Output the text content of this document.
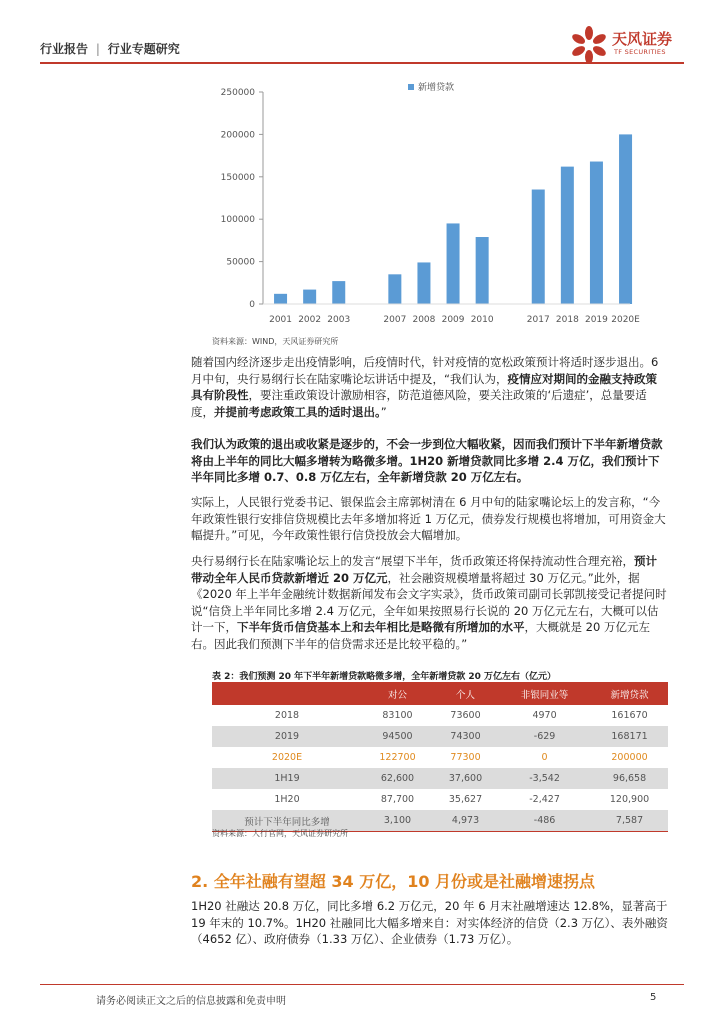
行业报告 | 行业专题研究
天风证券
TF SECURITIES
0
50000
100000
150000
200000
250000	新增贷款
2001 2002 2003	2007 2008 2009 2010	2017 2018 2019 2020E
资料来源：WIND，天风证券研究所

随着国内经济逐步走出疫情影响，后疫情时代，针对疫情的宽松政策预计将适时逐步退出。6月中旬，央行易纲行长在陆家嘴论坛讲话中提及，“我们认为，疫情应对期间的金融支持政策具有阶段性，要注重政策设计激励相容，防范道德风险，要关注政策的‘后遗症’，总量要适度，并提前考虑政策工具的适时退出。”

我们认为政策的退出或收紧是逐步的，不会一步到位大幅收紧，因而我们预计下半年新增贷款将由上半年的同比大幅多增转为略微多增。1H20 新增贷款同比多增 2.4 万亿，我们预计下半年同比多增 0.7、0.8 万亿左右，全年新增贷款 20 万亿左右。

实际上，人民银行党委书记、银保监会主席郭树清在 6 月中旬的陆家嘴论坛上的发言称，“今年政策性银行安排信贷规模比去年多增加将近 1 万亿元，债券发行规模也将增加，可用资金大幅提升。”可见，今年政策性银行信贷投放会大幅增加。

央行易纲行长在陆家嘴论坛上的发言“展望下半年，货币政策还将保持流动性合理充裕，预计带动全年人民币贷款新增近 20 万亿元，社会融资规模增量将超过 30 万亿元。”此外，据《2020 年上半年金融统计数据新闻发布会文字实录》，货币政策司副司长郭凯接受记者提问时说“信贷上半年同比多增 2.4 万亿元，全年如果按照易行长说的 20 万亿元左右，大概可以估计一下，下半年货币信贷基本上和去年相比是略微有所增加的水平，大概就是 20 万亿元左右。因此我们预测下半年的信贷需求还是比较平稳的。”

表 2：我们预测 20 年下半年新增贷款略微多增，全年新增贷款 20 万亿左右（亿元）
	对公	个人	非银同业等	新增贷款
2018	83100	73600	4970	161670
2019	94500	74300	-629	168171
2020E	122700	77300	0	200000
1H19	62,600	37,600	-3,542	96,658
1H20	87,700	35,627	-2,427	120,900
预计下半年同比多增	3,100	4,973	-486	7,587
资料来源：人行官网，天风证券研究所
2. 全年社融有望超 34 万亿，10 月份或是社融增速拐点

1H20 社融达 20.8 万亿，同比多增 6.2 万亿元，20 年 6 月末社融增速达 12.8%，显著高于 19 年末的 10.7%。1H20 社融同比大幅多增来自：对实体经济的信贷（2.3 万亿）、表外融资（4652 亿）、政府债券（1.33 万亿）、企业债券（1.73 万亿）。

请务必阅读正文之后的信息披露和免责申明	5
